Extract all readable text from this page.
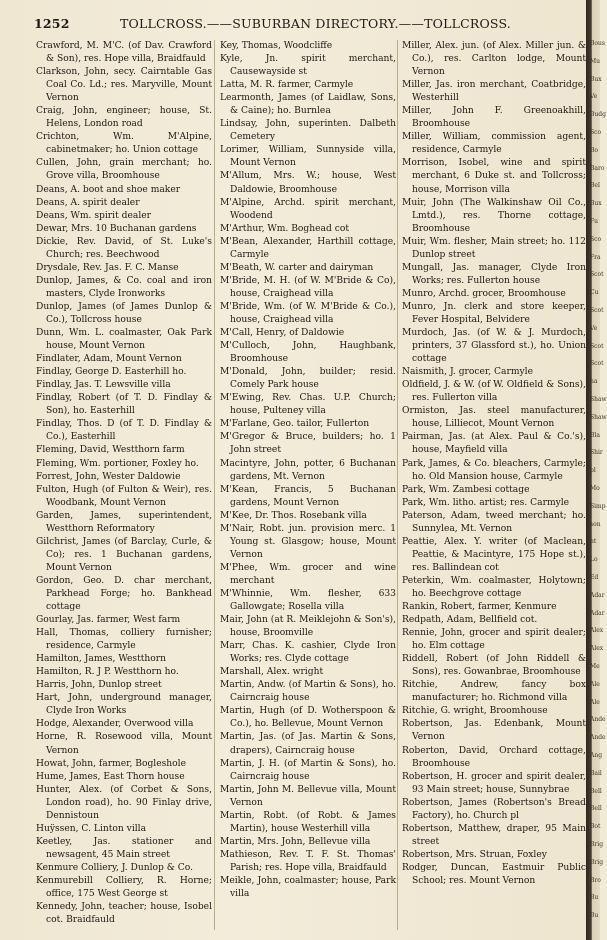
1252	TOLLCROSS.——SUBURBAN DIRECTORY.——TOLLCROSS.

Crawford, M. M'C. (of Dav. Crawford & Son), res. Hope villa, Braidfauld

Clarkson, John, secy. Cairntable Gas Coal Co. Ld.; res. Maryville, Mount Vernon

Craig, John, engineer; house, St. Helens, London road

Crichton, Wm. M'Alpine, cabinetmaker; ho. Union cottage

Cullen, John, grain merchant; ho. Grove villa, Broomhouse

Deans, A. boot and shoe maker

Deans, A. spirit dealer

Deans, Wm. spirit dealer

Dewar, Mrs. 10 Buchanan gardens

Dickie, Rev. David, of St. Luke's Church; res. Beechwood

Drysdale, Rev. Jas. F. C. Manse

Dunlop, James, & Co. coal and iron masters, Clyde Ironworks

Dunlop, James (of James Dunlop & Co.), Tollcross house

Dunn, Wm. L. coalmaster, Oak Park house, Mount Vernon

Findlater, Adam, Mount Vernon

Findlay, George D. Easterhill ho.

Findlay, Jas. T. Lewsville villa

Findlay, Robert (of T. D. Findlay & Son), ho. Easterhill

Findlay, Thos. D (of T. D. Findlay & Co.), Easterhill

Fleming, David, Westthorn farm

Fleming, Wm. portioner, Foxley ho.

Forrest, John, Wester Daldowie

Fulton, Hugh (of Fulton & Weir), res. Woodbank, Mount Vernon

Garden, James, superintendent, Westthorn Reformatory

Gilchrist, James (of Barclay, Curle, & Co); res. 1 Buchanan gardens, Mount Vernon

Gordon, Geo. D. char merchant, Parkhead Forge; ho. Bankhead cottage

Gourlay, Jas. farmer, West farm

Hall, Thomas, colliery furnisher; residence, Carmyle

Hamilton, James, Westthorn

Hamilton, R. J P. Westthorn ho.

Harris, John, Dunlop street

Hart, John, underground manager, Clyde Iron Works

Hodge, Alexander, Overwood villa

Horne, R. Rosewood villa, Mount Vernon

Howat, John, farmer, Bogleshole

Hume, James, East Thorn house

Hunter, Alex. (of Corbet & Sons, London road), ho. 90 Finlay drive, Dennistoun

Huÿssen, C. Linton villa

Keetley, Jas. stationer and newsagent, 45 Main street

Kenmure Colliery, J. Dunlop & Co.

Kenmurebill Colliery, R. Horne; office, 175 West George st

Kennedy, John, teacher; house, Isobel cot. Braidfauld

Key, Thomas, Woodcliffe

Kyle, Jn. spirit merchant, Causewayside st

Latta, M. R. farmer, Carmyle

Learmonth, James (of Laidlaw, Sons, & Caine); ho. Burnlea

Lindsay, John, superinten. Dalbeth Cemetery

Lorimer, William, Sunnyside villa, Mount Vernon

M'Allum, Mrs. W.; house, West Daldowie, Broomhouse

M'Alpine, Archd. spirit merchant, Woodend

M'Arthur, Wm. Boghead cot

M'Bean, Alexander, Harthill cottage, Carmyle

M'Beath, W. carter and dairyman

M'Bride, M. H. (of W. M'Bride & Co), house, Craighead villa

M'Bride, Wm. (of W. M'Bride & Co.), house, Craighead villa

M'Call, Henry, of Daldowie

M'Culloch, John, Haughbank, Broomhouse

M'Donald, John, builder; resid. Comely Park house

M'Ewing, Rev. Chas. U.P. Church; house, Pulteney villa

M'Farlane, Geo. tailor, Fullerton

M'Gregor & Bruce, builders; ho. 1 John street

Macintyre, John, potter, 6 Buchanan gardens, Mt. Vernon

M'Kean, Francis, 5 Buchanan gardens, Mount Vernon

M'Kee, Dr. Thos. Rosebank villa

M'Nair, Robt. jun. provision merc. 1 Young st. Glasgow; house, Mount Vernon

M'Phee, Wm. grocer and wine merchant

M'Whinnie, Wm. flesher, 633 Gallowgate; Rosella villa

Mair, John (at R. Meiklejohn & Son's), house, Broomville

Marr, Chas. K. cashier, Clyde Iron Works; res. Clyde cottage

Marshall, Alex. wright

Martin, Andw. (of Martin & Sons), ho. Cairncraig house

Martin, Hugh (of D. Wotherspoon & Co.), ho. Bellevue, Mount Vernon

Martin, Jas. (of Jas. Martin & Sons, drapers), Cairncraig house

Martin, J. H. (of Martin & Sons), ho. Cairncraig house

Martin, John M. Bellevue villa, Mount Vernon

Martin, Robt. (of Robt. & James Martin), house Westerhill villa

Martin, Mrs. John, Bellevue villa

Mathieson, Rev. T. F. St. Thomas' Parish; res. Hope villa, Braidfauld

Meikle, John, coalmaster; house, Park villa

Miller, Alex. jun. (of Alex. Miller jun. & Co.), res. Carlton lodge, Mount Vernon

Miller, Jas. iron merchant, Coatbridge, Westerhill

Miller, John F. Greenoakhill, Broomhouse

Miller, William, commission agent, residence, Carmyle

Morrison, Isobel, wine and spirit merchant, 6 Duke st. and Tollcross; house, Morrison villa

Muir, John (The Walkinshaw Oil Co., Lmtd.), res. Thorne cottage, Broomhouse

Muir, Wm. flesher, Main street; ho. 112 Dunlop street

Mungall, Jas. manager, Clyde Iron Works; res. Fullerton house

Munro, Archd. grocer, Broomhouse

Munro, Jn. clerk and store keeper, Fever Hospital, Belvidere

Murdoch, Jas. (of W. & J. Murdoch, printers, 37 Glassford st.), ho. Union cottage

Naismith, J. grocer, Carmyle

Oldfield, J. & W. (of W. Oldfield & Sons), res. Fullerton villa

Ormiston, Jas. steel manufacturer, house, Lilliecot, Mount Vernon

Pairman, Jas. (at Alex. Paul & Co.'s), house, Mayfield villa

Park, James, & Co. bleachers, Carmyle; ho. Old Mansion house, Carmyle

Park, Wm. Zambesi cottage

Park, Wm. litho. artist; res. Carmyle

Paterson, Adam, tweed merchant; ho. Sunnylea, Mt. Vernon

Peattie, Alex. Y. writer (of Maclean, Peattie, & Macintyre, 175 Hope st.), res. Ballindean cot

Peterkin, Wm. coalmaster, Holytown; ho. Beechgrove cottage

Rankin, Robert, farmer, Kenmure

Redpath, Adam, Bellfield cot.

Rennie, John, grocer and spirit dealer; ho. Elm cottage

Riddell, Robert (of John Riddell & Sons), res. Gowanbrae, Broomhouse

Ritchie, Andrew, fancy box manufacturer; ho. Richmond villa

Ritchie, G. wright, Broomhouse

Robertson, Jas. Edenbank, Mount Vernon

Roberton, David, Orchard cottage, Broomhouse

Robertson, H. grocer and spirit dealer, 93 Main street; house, Sunnybrae

Robertson, James (Robertson's Bread Factory), ho. Church pl

Robertson, Matthew, draper, 95 Main street

Robertson, Mrs. Struan, Foxley

Rodger, Duncan, Eastmuir Public School; res. Mount Vernon

Bous
Mu
Bux
Ve
Budg
Sco
Bo
Baro
Bel
Bux
Fu
Sco
Fra
Scot
Cu
Scot
Ve
Scot
Scot
ha
Shaw
Shaw
Bla
Shir
pl
Mo
Simp
son
nt
Lo
Ed
Adar
Adar
Alex
Alex
Me
Ale
Ale
Ande
Ande
Ang
Bail
Bell
Bell
Bot
Brig
Brig
Bro
Bu
Bu
